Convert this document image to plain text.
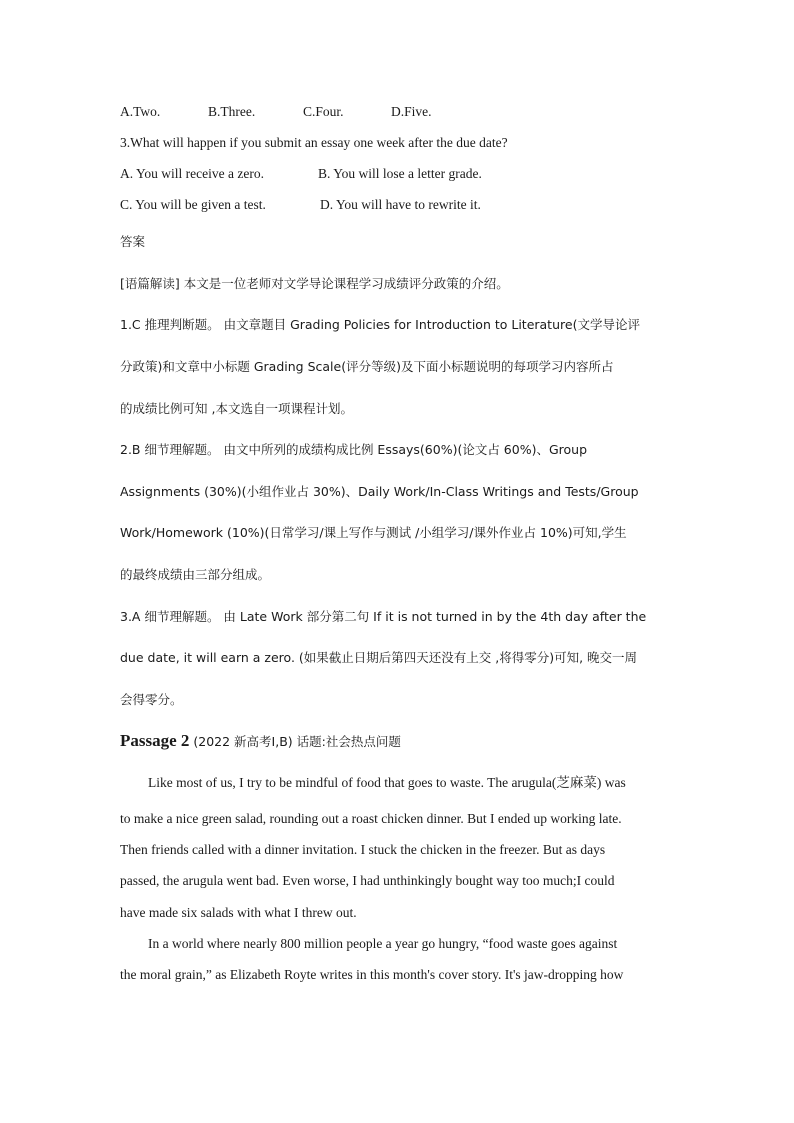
A.Two.	B.Three.	C.Four.	D.Five.
3.What will happen if you submit an essay one week after the due date?
A. You will receive a zero.	B. You will lose a letter grade.
C. You will be given a test.	D. You will have to rewrite it.
答案
[语篇解读] 本文是一位老师对文学导论课程学习成绩评分政策的介绍。
1.C 推理判断题。 由文章题目 Grading Policies for Introduction to Literature(文学导论评
分政策)和文章中小标题 Grading Scale(评分等级)及下面小标题说明的每项学习内容所占
的成绩比例可知 ,本文选自一项课程计划。
2.B 细节理解题。 由文中所列的成绩构成比例 Essays(60%)(论文占 60%)、Group
Assignments (30%)(小组作业占 30%)、Daily Work/In-Class Writings and Tests/Group
Work/Homework (10%)(日常学习/课上写作与测试 /小组学习/课外作业占 10%)可知,学生
的最终成绩由三部分组成。
3.A 细节理解题。 由 Late Work 部分第二句 If it is not turned in by the 4th day after the
due date, it will earn a zero. (如果截止日期后第四天还没有上交 ,将得零分)可知, 晚交一周
会得零分。
Passage 2 (2022 新高考Ⅰ,B) 话题:社会热点问题
Like most of us, I try to be mindful of food that goes to waste. The arugula(芝麻菜) was
to make a nice green salad, rounding out a roast chicken dinner. But I ended up working late.
Then friends called with a dinner invitation. I stuck the chicken in the freezer. But as days
passed, the arugula went bad. Even worse, I had unthinkingly bought way too much;I could
have made six salads with what I threw out.
In a world where nearly 800 million people a year go hungry, “food waste goes against
the moral grain,” as Elizabeth Royte writes in this month's cover story. It's jaw-dropping how
